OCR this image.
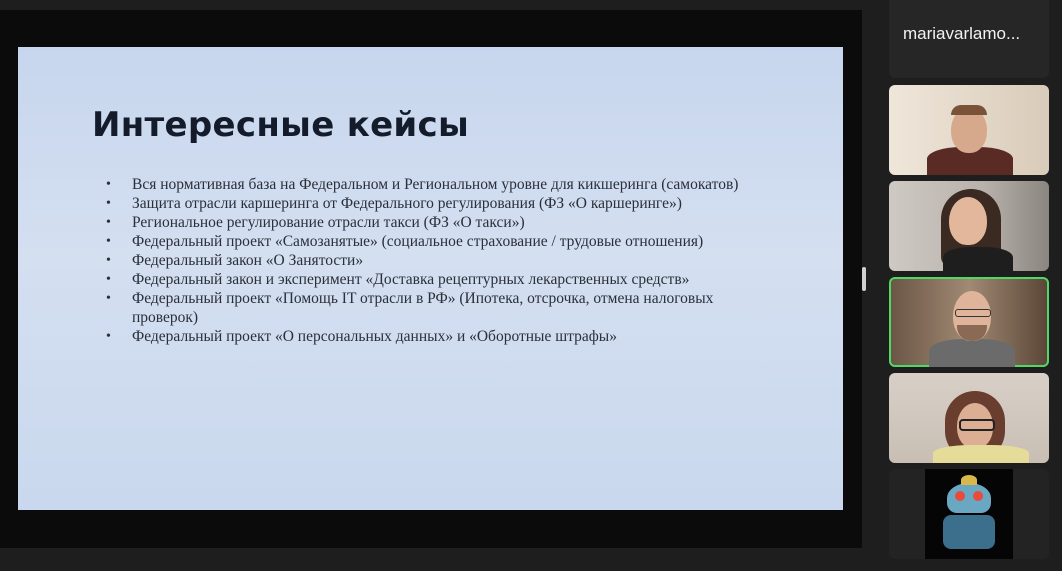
Интересные кейсы
• Вся нормативная база на Федеральном и Региональном уровне для кикшеринга (самокатов)
• Защита отрасли каршеринга от Федерального регулирования (ФЗ «О каршеринге»)
• Региональное регулирование отрасли такси (ФЗ «О такси»)
• Федеральный проект «Самозанятые» (социальное страхование / трудовые отношения)
• Федеральный закон «О Занятости»
• Федеральный закон и эксперимент «Доставка рецептурных лекарственных средств»
• Федеральный проект «Помощь IT отрасли в РФ» (Ипотека, отсрочка, отмена налоговых проверок)
• Федеральный проект «О персональных данных» и «Оборотные штрафы»
mariavarlamo...
